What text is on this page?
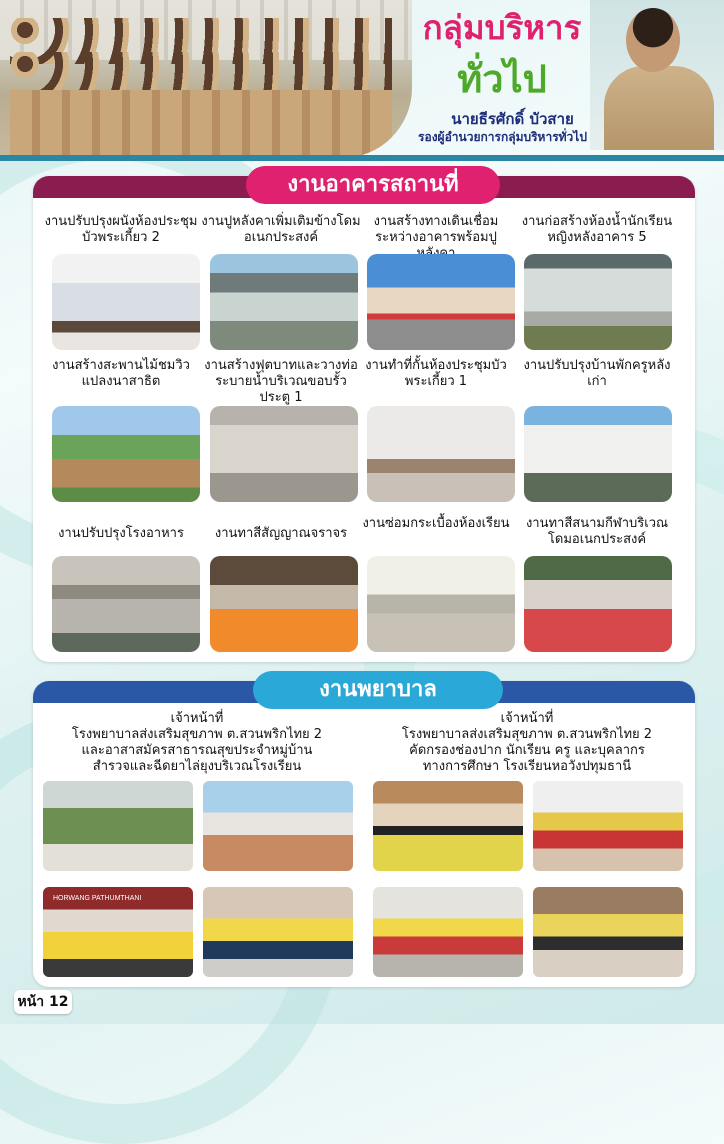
กลุ่มบริหาร
ทั่วไป
นายธีรศักดิ์ บัวสาย
รองผู้อำนวยการกลุ่มบริหารทั่วไป
งานอาคารสถานที่
งานปรับปรุงผนังห้องประชุมบัวพระเกี้ยว 2
งานปูหลังคาเพิ่มเติมข้างโดมอเนกประสงค์
งานสร้างทางเดินเชื่อมระหว่างอาคารพร้อมปู
งานก่อสร้างห้องน้ำนักเรียนหญิงหลังอาคาร 5
งานสร้างสะพานไม้ชมวิวแปลงนาสาธิต
งานสร้างฟุตบาทและวางท่อระบายน้ำบริเวณขอบรั้วประตู 1
งานทำที่กั้นห้องประชุมบัวพระเกี้ยว 1
งานปรับปรุงบ้านพักครูหลังเก่า
งานปรับปรุงโรงอาหาร	งานทาสีสัญญาณจราจร
งานซ่อมกระเบื้องห้องเรียน	งานทาสีสนามกีฬาบริเวณโดมอเนกประสงค์
งานพยาบาล
เจ้าหน้าที่
โรงพยาบาลส่งเสริมสุขภาพ ต.สวนพริกไทย 2
และอาสาสมัครสาธารณสุขประจำหมู่บ้าน
สำรวจและฉีดยาไล่ยุงบริเวณโรงเรียน
เจ้าหน้าที่
โรงพยาบาลส่งเสริมสุขภาพ ต.สวนพริกไทย 2
คัดกรองช่องปาก นักเรียน ครู และบุคลากร
ทางการศึกษา โรงเรียนหอวังปทุมธานี
HORWANG PATHUMTHANI
หน้า 12
